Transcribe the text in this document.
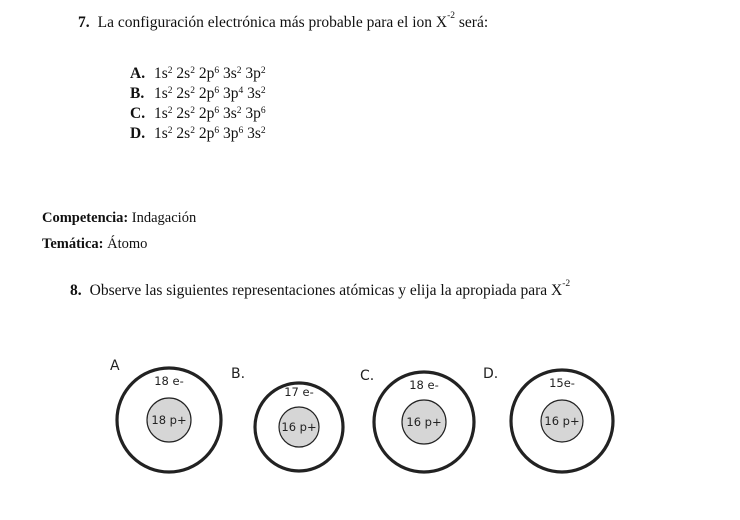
7. La configuración electrónica más probable para el ion $X^{-2}$ será:
A. $1s^2$ $2s^2$ $2p^6$ $3s^2$ $3p^2$
B. $1s^2$ $2s^2$ $2p^6$ $3p^4$ $3s^2$
C. $1s^2$ $2s^2$ $2p^6$ $3s^2$ $3p^6$
D. $1s^2$ $2s^2$ $2p^6$ $3p^6$ $3s^2$
Competencia: Indagación
Temática: Átomo
8. Observe las siguientes representaciones atómicas y elija la apropiada para $X^{-2}$
A
18 e-
18 p+
B.
17 e-
16 p+
C.
18 e-
16 p+
D.
15e-
16 p+
